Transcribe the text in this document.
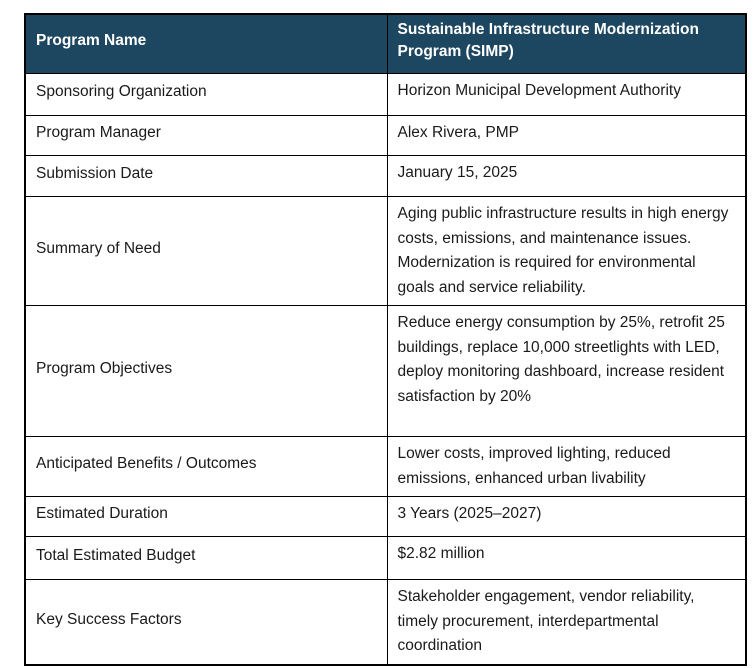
Program Name	Sustainable Infrastructure Modernization Program (SIMP)
Sponsoring Organization	Horizon Municipal Development Authority
Program Manager	Alex Rivera, PMP
Submission Date	January 15, 2025
Summary of Need	Aging public infrastructure results in high energy costs, emissions, and maintenance issues. Modernization is required for environmental goals and service reliability.
Program Objectives	Reduce energy consumption by 25%, retrofit 25 buildings, replace 10,000 streetlights with LED, deploy monitoring dashboard, increase resident satisfaction by 20%
Anticipated Benefits / Outcomes	Lower costs, improved lighting, reduced emissions, enhanced urban livability
Estimated Duration	3 Years (2025–2027)
Total Estimated Budget	$2.82 million
Key Success Factors	Stakeholder engagement, vendor reliability, timely procurement, interdepartmental coordination
